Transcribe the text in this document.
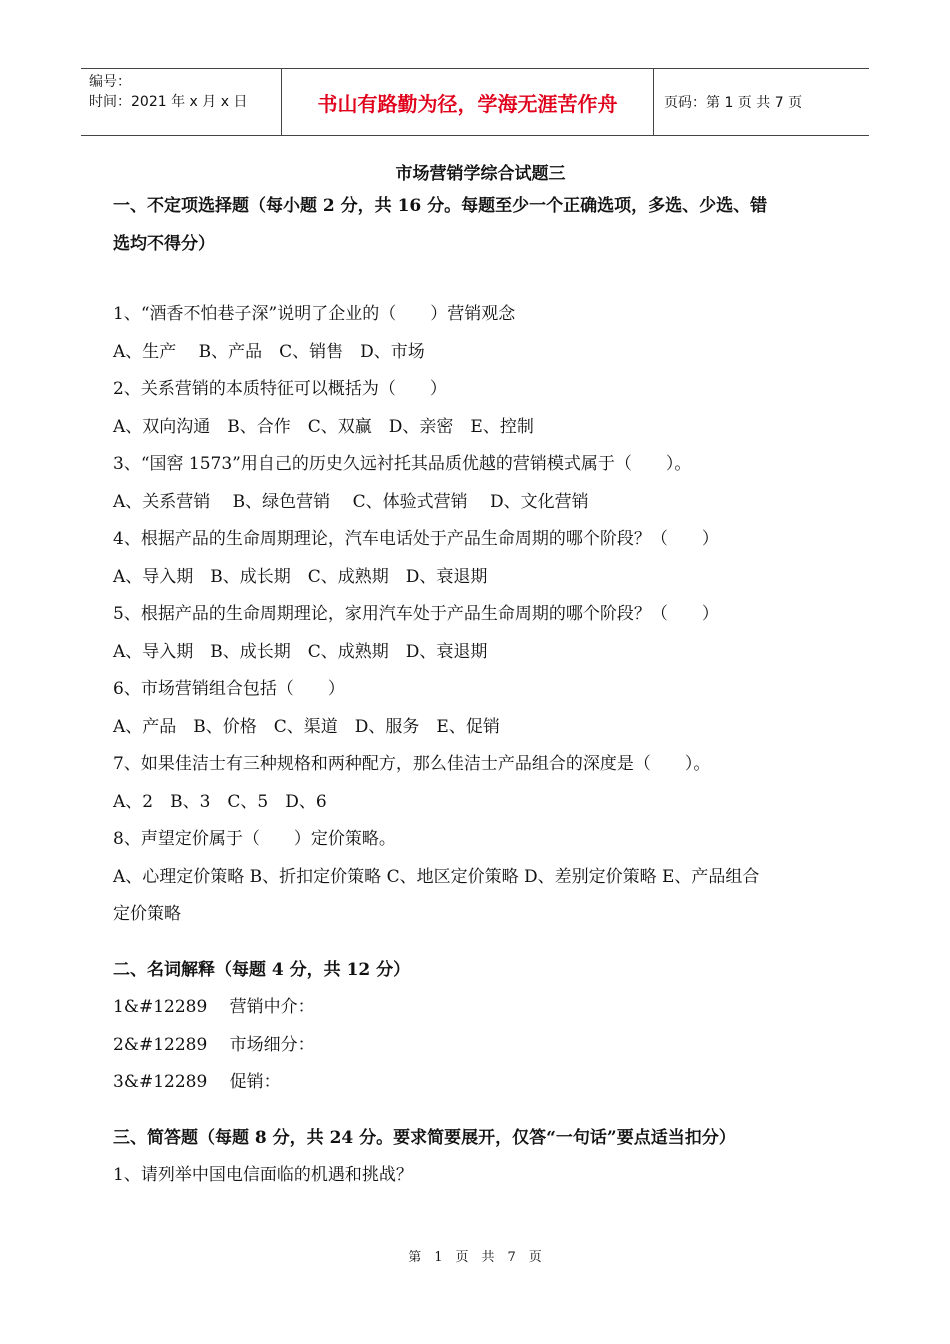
编号：
时间：2021 年 x 月 x 日	书山有路勤为径，学海无涯苦作舟	页码：第 1 页 共 7 页

市场营销学综合试题三

一、不定项选择题（每小题 2 分，共 16 分。每题至少一个正确选项，多选、少选、错

选均不得分）

1、“酒香不怕巷子深”说明了企业的（　　）营销观念

A、生产　 B、产品　C、销售　D、市场

2、关系营销的本质特征可以概括为（　　）

A、双向沟通　B、合作　C、双赢　D、亲密　E、控制

3、“国窖 1573”用自己的历史久远衬托其品质优越的营销模式属于（　　）。

A、关系营销　 B、绿色营销　 C、体验式营销　 D、文化营销

4、根据产品的生命周期理论，汽车电话处于产品生命周期的哪个阶段？（　　）

A、导入期　B、成长期　C、成熟期　D、衰退期

5、根据产品的生命周期理论，家用汽车处于产品生命周期的哪个阶段？（　　）

A、导入期　B、成长期　C、成熟期　D、衰退期

6、市场营销组合包括（　　）

A、产品　B、价格　C、渠道　D、服务　E、促销

7、如果佳洁士有三种规格和两种配方，那么佳洁士产品组合的深度是（　　）。

A、2　B、3　C、5　D、6

8、声望定价属于（　　）定价策略。

A、心理定价策略 B、折扣定价策略 C、地区定价策略 D、差别定价策略 E、产品组合

定价策略

二、名词解释（每题 4 分，共 12 分）

1&#12289　 营销中介：

2&#12289　 市场细分：

3&#12289　 促销：

三、简答题（每题 8 分，共 24 分。要求简要展开，仅答“一句话”要点适当扣分）

1、请列举中国电信面临的机遇和挑战？

第　1　页　共　7　页
